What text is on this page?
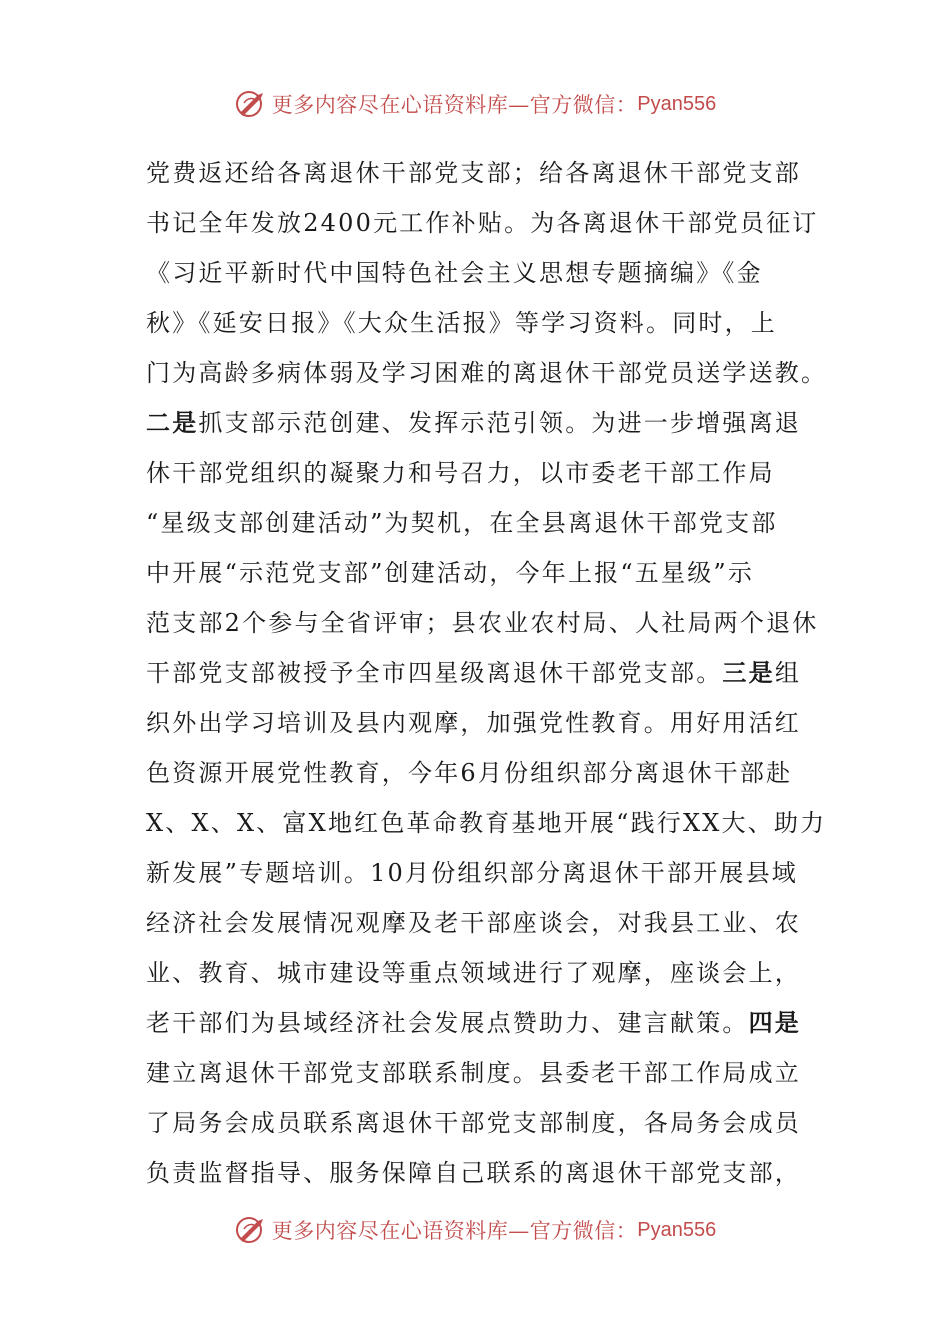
更多内容尽在心语资料库—官方微信： Pyan556
党费返还给各离退休干部党支部；给各离退休干部党支部
书记全年发放2400元工作补贴。为各离退休干部党员征订
《习近平新时代中国特色社会主义思想专题摘编》《金
秋》《延安日报》《大众生活报》等学习资料。同时，上
门为高龄多病体弱及学习困难的离退休干部党员送学送教。
二是抓支部示范创建、发挥示范引领。为进一步增强离退
休干部党组织的凝聚力和号召力，以市委老干部工作局
“星级支部创建活动”为契机，在全县离退休干部党支部
中开展“示范党支部”创建活动，今年上报“五星级”示
范支部2个参与全省评审；县农业农村局、人社局两个退休
干部党支部被授予全市四星级离退休干部党支部。三是组
织外出学习培训及县内观摩，加强党性教育。用好用活红
色资源开展党性教育，今年6月份组织部分离退休干部赴
X、X、X、富X地红色革命教育基地开展“践行XX大、助力
新发展”专题培训。10月份组织部分离退休干部开展县域
经济社会发展情况观摩及老干部座谈会，对我县工业、农
业、教育、城市建设等重点领域进行了观摩，座谈会上，
老干部们为县域经济社会发展点赞助力、建言献策。四是
建立离退休干部党支部联系制度。县委老干部工作局成立
了局务会成员联系离退休干部党支部制度，各局务会成员
负责监督指导、服务保障自己联系的离退休干部党支部，
更多内容尽在心语资料库—官方微信： Pyan556
